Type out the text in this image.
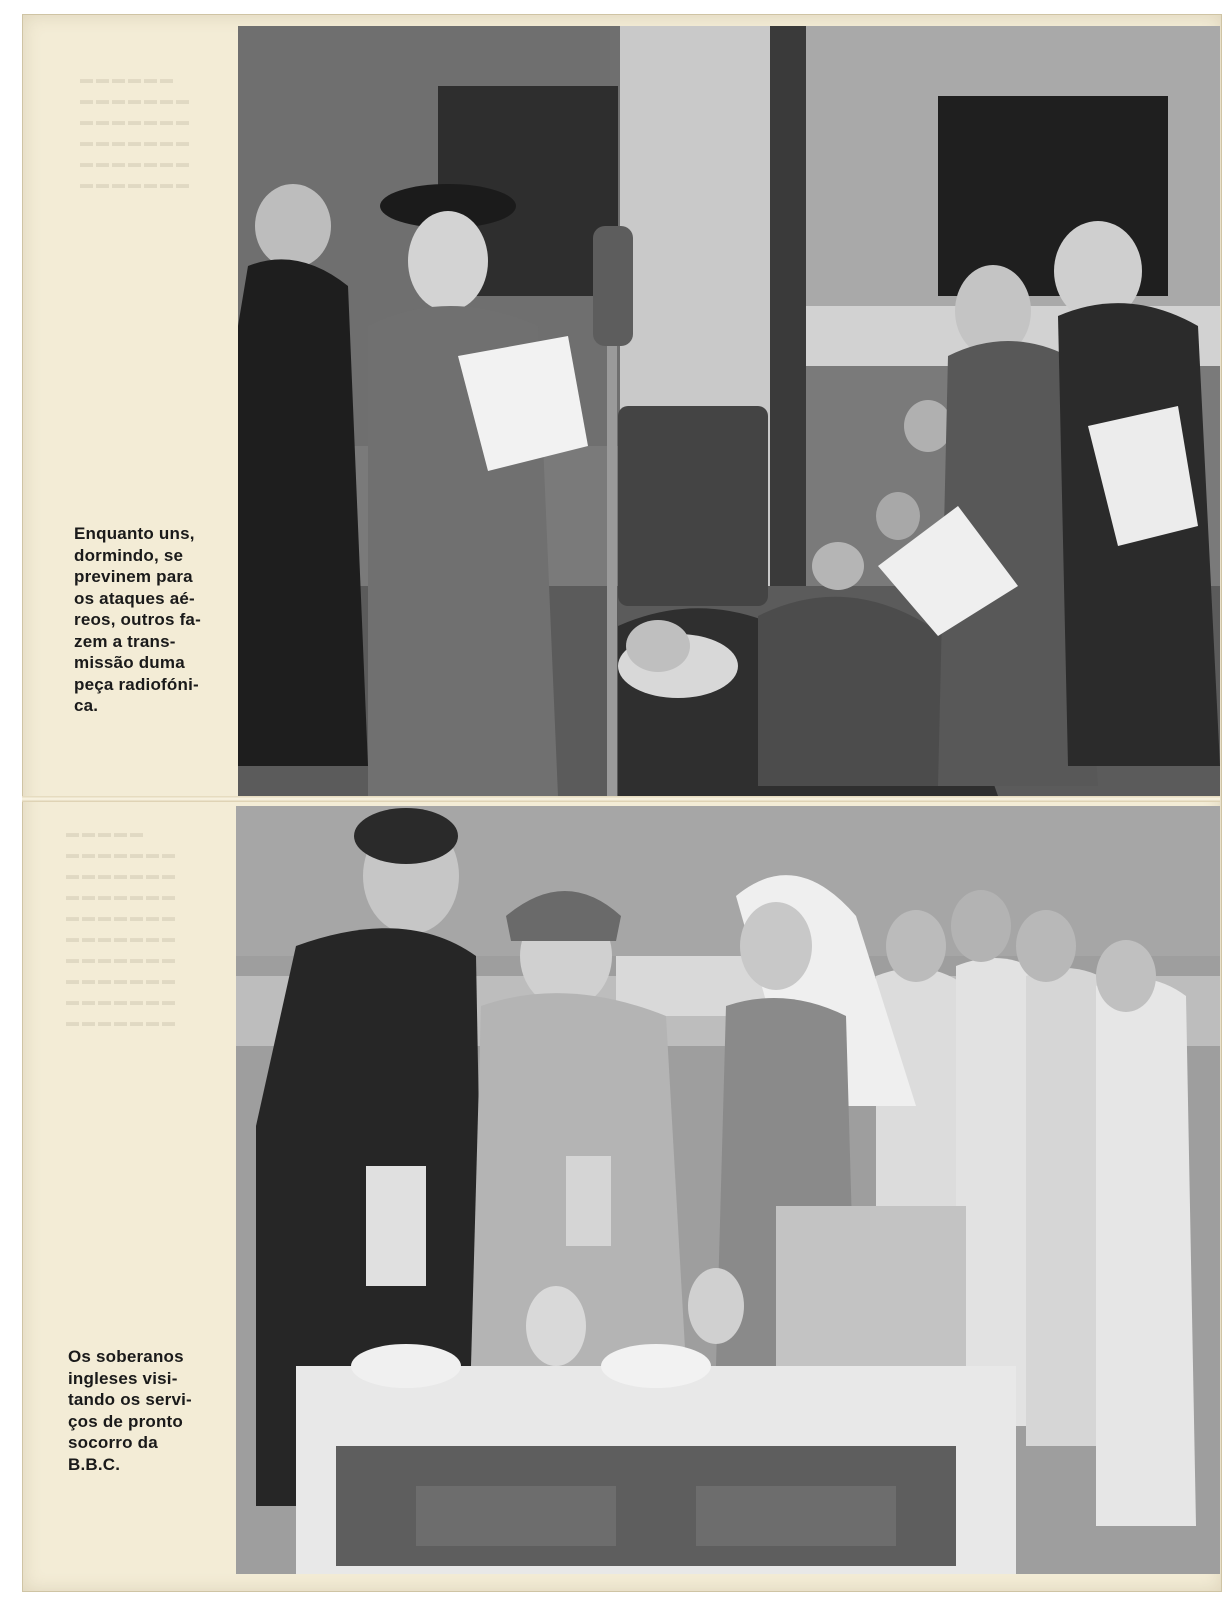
▬▬▬▬▬▬
▬▬▬▬▬▬▬
▬▬▬▬▬▬▬
▬▬▬▬▬▬▬
▬▬▬▬▬▬▬
▬▬▬▬▬▬▬
▬▬▬▬▬
▬▬▬▬▬▬▬
▬▬▬▬▬▬▬
▬▬▬▬▬▬▬
▬▬▬▬▬▬▬
▬▬▬▬▬▬▬
▬▬▬▬▬▬▬
▬▬▬▬▬▬▬
▬▬▬▬▬▬▬
▬▬▬▬▬▬▬
Enquanto uns,
dormindo, se
previnem para
os ataques aé-
reos, outros fa-
zem a trans-
missão duma
peça radiofóni-
ca.
Os soberanos
ingleses visi-
tando os servi-
ços de pronto
socorro da
B.B.C.
